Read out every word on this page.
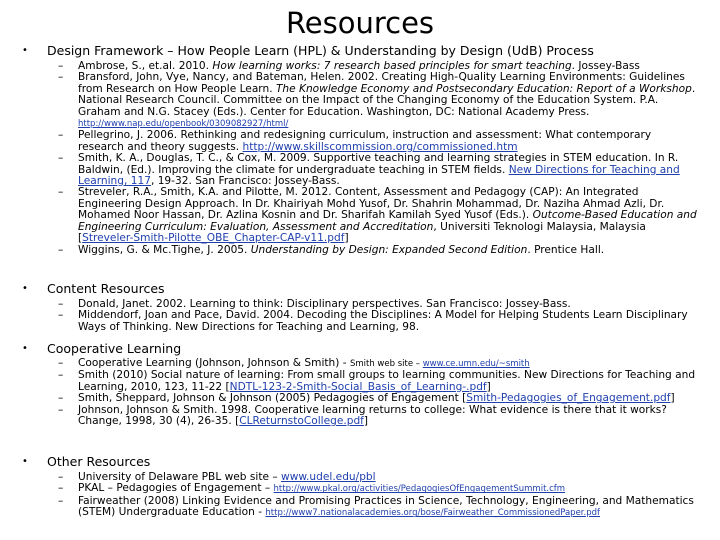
Resources
• Design Framework – How People Learn (HPL) & Understanding by Design (UdB) Process
– Ambrose, S., et.al. 2010. How learning works: 7 research based principles for smart teaching. Jossey-Bass
– Bransford, John, Vye, Nancy, and Bateman, Helen. 2002. Creating High-Quality Learning Environments: Guidelines from Research on How People Learn. The Knowledge Economy and Postsecondary Education: Report of a Workshop. National Research Council. Committee on the Impact of the Changing Economy of the Education System. P.A. Graham and N.G. Stacey (Eds.). Center for Education. Washington, DC: National Academy Press. http://www.nap.edu/openbook/0309082927/html/
– Pellegrino, J. 2006. Rethinking and redesigning curriculum, instruction and assessment: What contemporary research and theory suggests. http://www.skillscommission.org/commissioned.htm
– Smith, K. A., Douglas, T. C., & Cox, M. 2009. Supportive teaching and learning strategies in STEM education. In R. Baldwin, (Ed.). Improving the climate for undergraduate teaching in STEM fields. New Directions for Teaching and Learning, 117, 19-32. San Francisco: Jossey-Bass.
– Streveler, R.A., Smith, K.A. and Pilotte, M. 2012. Content, Assessment and Pedagogy (CAP): An Integrated Engineering Design Approach. In Dr. Khairiyah Mohd Yusof, Dr. Shahrin Mohammad, Dr. Naziha Ahmad Azli, Dr. Mohamed Noor Hassan, Dr. Azlina Kosnin and Dr. Sharifah Kamilah Syed Yusof (Eds.). Outcome-Based Education and Engineering Curriculum: Evaluation, Assessment and Accreditation, Universiti Teknologi Malaysia, Malaysia [Streveler-Smith-Pilotte_OBE_Chapter-CAP-v11.pdf]
– Wiggins, G. & Mc.Tighe, J. 2005. Understanding by Design: Expanded Second Edition. Prentice Hall.
• Content Resources
– Donald, Janet. 2002. Learning to think: Disciplinary perspectives. San Francisco: Jossey-Bass.
– Middendorf, Joan and Pace, David. 2004. Decoding the Disciplines: A Model for Helping Students Learn Disciplinary Ways of Thinking. New Directions for Teaching and Learning, 98.
• Cooperative Learning
– Cooperative Learning (Johnson, Johnson & Smith) - Smith web site – www.ce.umn.edu/~smith
– Smith (2010) Social nature of learning: From small groups to learning communities. New Directions for Teaching and Learning, 2010, 123, 11-22 [NDTL-123-2-Smith-Social_Basis_of_Learning-.pdf]
– Smith, Sheppard, Johnson & Johnson (2005) Pedagogies of Engagement [Smith-Pedagogies_of_Engagement.pdf]
– Johnson, Johnson & Smith. 1998. Cooperative learning returns to college: What evidence is there that it works? Change, 1998, 30 (4), 26-35. [CLReturnstoCollege.pdf]
• Other Resources
– University of Delaware PBL web site – www.udel.edu/pbl
– PKAL – Pedagogies of Engagement – http://www.pkal.org/activities/PedagogiesOfEngagementSummit.cfm
– Fairweather (2008) Linking Evidence and Promising Practices in Science, Technology, Engineering, and Mathematics (STEM) Undergraduate Education - http://www7.nationalacademies.org/bose/Fairweather_CommissionedPaper.pdf
